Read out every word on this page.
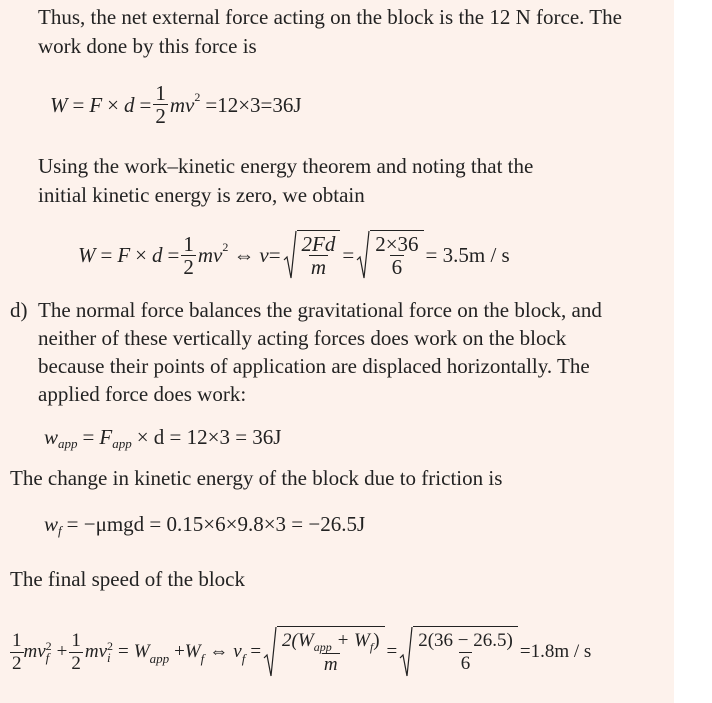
Thus, the net external force acting on the block is the 12 N force. The
work done by this force is
$W = F \times d = \frac{1}{2}$ mv 2 =12×3=36J
Using the work–kinetic energy theorem and noting that the
initial kinetic energy is zero, we obtain
$W = F \times d = \frac{1}{2}$ mv 2 ⇔ $v = \frac{2Fd}{m} = \frac{2\times 36}{6} = 3.5m / s$
d) The normal force balances the gravitational force on the block, and
neither of these vertically acting forces does work on the block
because their points of application are displaced horizontally. The
applied force does work:
w app = F app × d = 12×3 = 36J
The change in kinetic energy of the block due to friction is
w f = −μmgd = 0.15×6×9.8×3 = −26.5J
The final speed of the block
$\frac{1}{2}$ mv 2
$f + \frac{1}{2}$ mv 2
i = W app + W f ⇔ v $f = \frac{2(W_{app} + W_f)}{m} = \frac{2(36 - 26.5)}{6} =1.8m / s$
